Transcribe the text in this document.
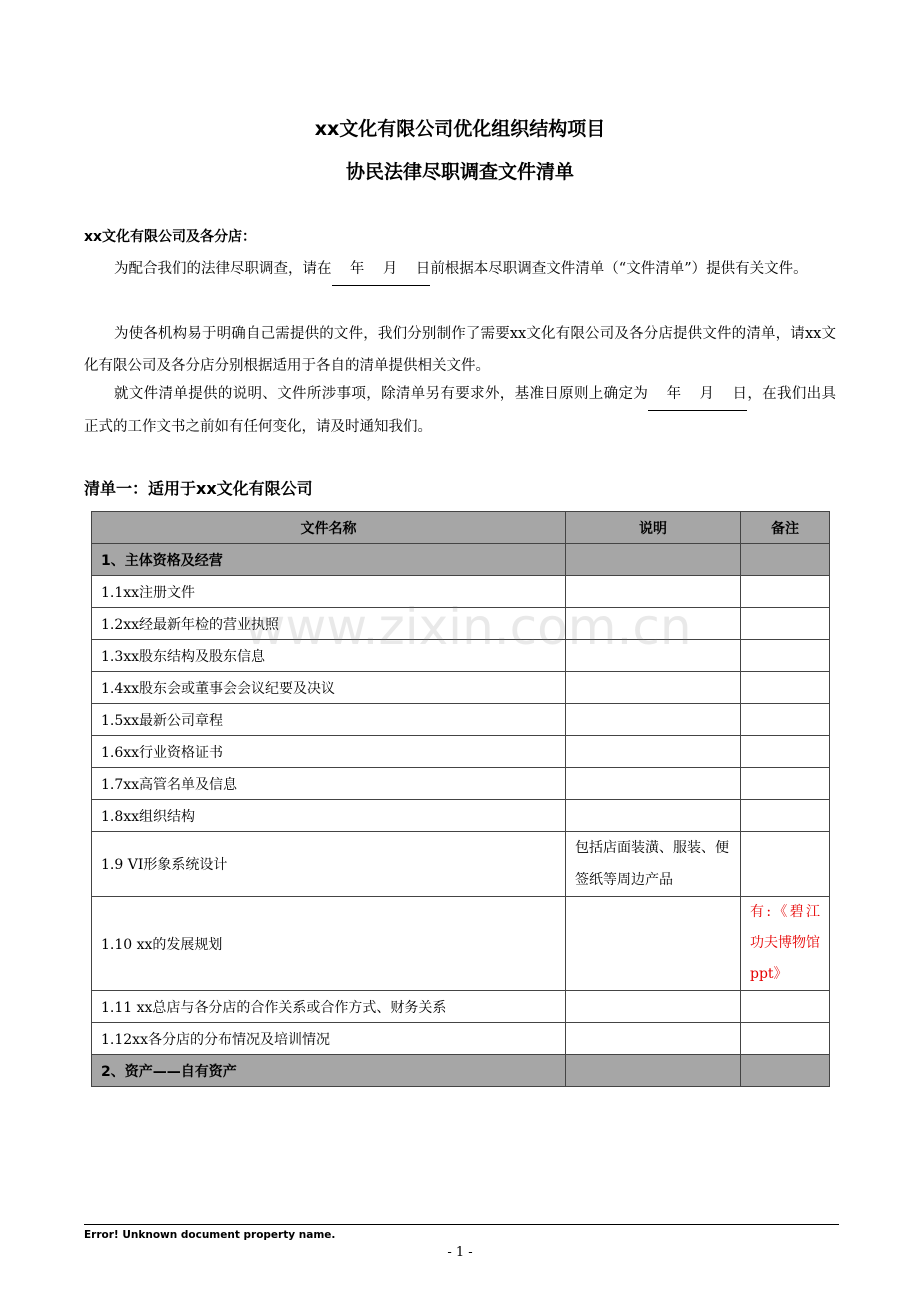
xx文化有限公司优化组织结构项目
协民法律尽职调查文件清单
xx文化有限公司及各分店：

为配合我们的法律尽职调查，请在    年    月    日前根据本尽职调查文件清单（“文件清单”）提供有关文件。

为使各机构易于明确自己需提供的文件，我们分别制作了需要xx文化有限公司及各分店提供文件的清单，请xx文化有限公司及各分店分别根据适用于各自的清单提供相关文件。

就文件清单提供的说明、文件所涉事项，除清单另有要求外，基准日原则上确定为    年    月    日，在我们出具正式的工作文书之前如有任何变化，请及时通知我们。

清单一：适用于xx文化有限公司
文件名称	说明	备注
1、主体资格及经营		
1.1xx注册文件		
1.2xx经最新年检的营业执照		
1.3xx股东结构及股东信息		
1.4xx股东会或董事会会议纪要及决议		
1.5xx最新公司章程		
1.6xx行业资格证书		
1.7xx高管名单及信息		
1.8xx组织结构		
1.9 VI形象系统设计	包括店面装潢、服装、便签纸等周边产品	
1.10 xx的发展规划		有:《碧江功夫博物馆ppt》
1.11 xx总店与各分店的合作关系或合作方式、财务关系		
1.12xx各分店的分布情况及培训情况		
2、资产——自有资产		
www.zixin.com.cn
Error! Unknown document property name.
- 1 -
